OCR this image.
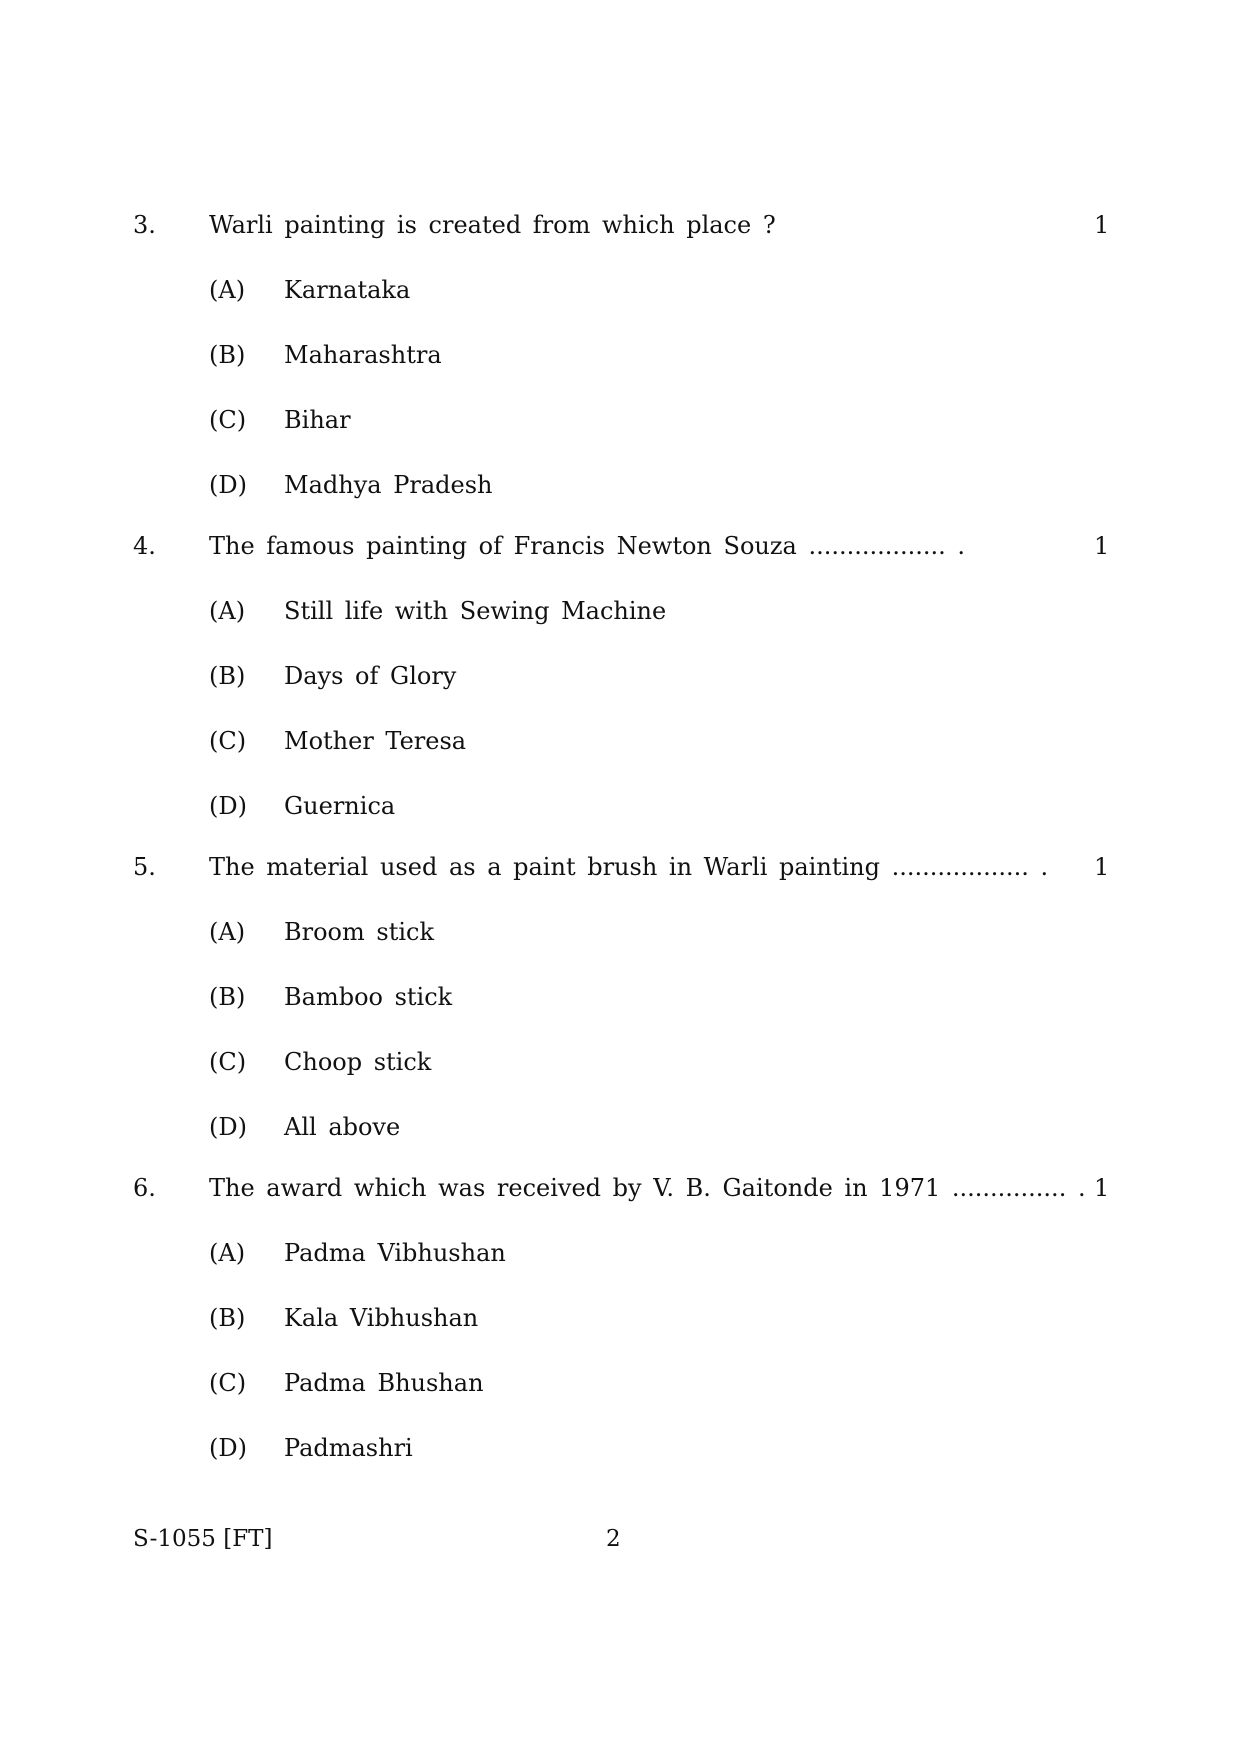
3. Warli painting is created from which place ?	1
(A) Karnataka
(B) Maharashtra
(C) Bihar
(D) Madhya Pradesh
4. The famous painting of Francis Newton Souza .................. .	1
(A) Still life with Sewing Machine
(B) Days of Glory
(C) Mother Teresa
(D) Guernica
5. The material used as a paint brush in Warli painting .................. . 1
(A) Broom stick
(B) Bamboo stick
(C) Choop stick
(D) All above
6. The award which was received by V. B. Gaitonde in 1971 ............... . 1
(A) Padma Vibhushan
(B) Kala Vibhushan
(C) Padma Bhushan
(D) Padmashri
S-1055 [FT]	2
